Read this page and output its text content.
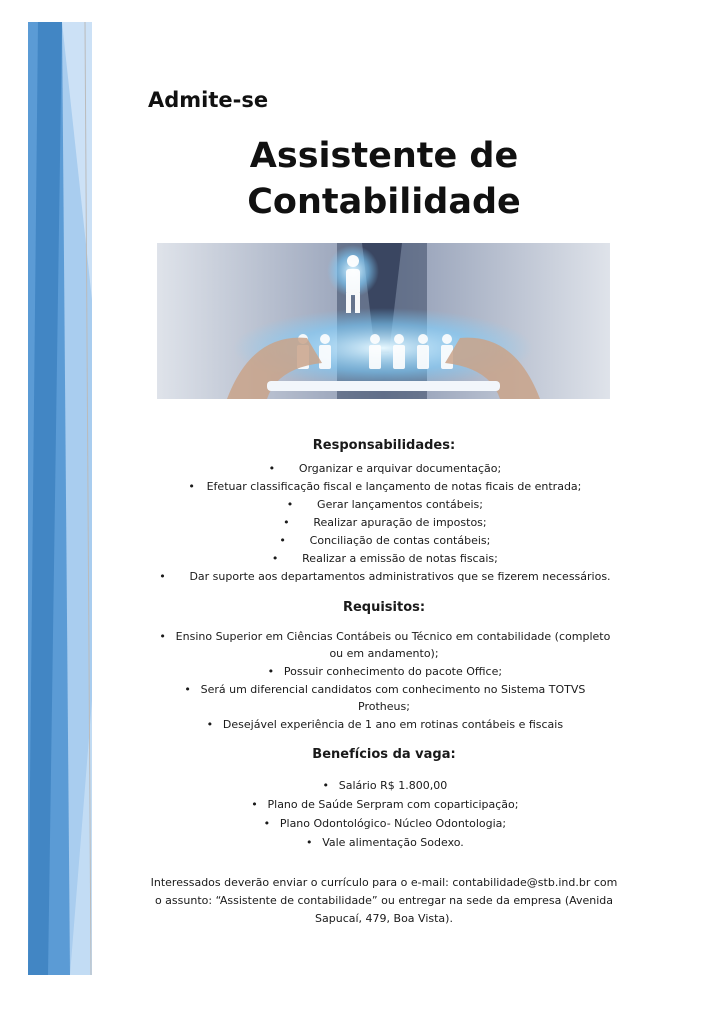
Admite-se
Assistente de
Contabilidade
Responsabilidades:
• Organizar e arquivar documentação;
• Efetuar classificação fiscal e lançamento de notas ficais de entrada;
• Gerar lançamentos contábeis;
• Realizar apuração de impostos;
• Conciliação de contas contábeis;
• Realizar a emissão de notas fiscais;
• Dar suporte aos departamentos administrativos que se fizerem necessários.
Requisitos:
• Ensino Superior em Ciências Contábeis ou Técnico em contabilidade (completo ou em andamento);
• Possuir conhecimento do pacote Office;
• Será um diferencial candidatos com conhecimento no Sistema TOTVS Protheus;
• Desejável experiência de 1 ano em rotinas contábeis e fiscais
Benefícios da vaga:
• Salário R$ 1.800,00
• Plano de Saúde Serpram com coparticipação;
• Plano Odontológico- Núcleo Odontologia;
• Vale alimentação Sodexo.
Interessados deverão enviar o currículo para o e-mail: contabilidade@stb.ind.br com o assunto: “Assistente de contabilidade” ou entregar na sede da empresa (Avenida Sapucaí, 479, Boa Vista).
